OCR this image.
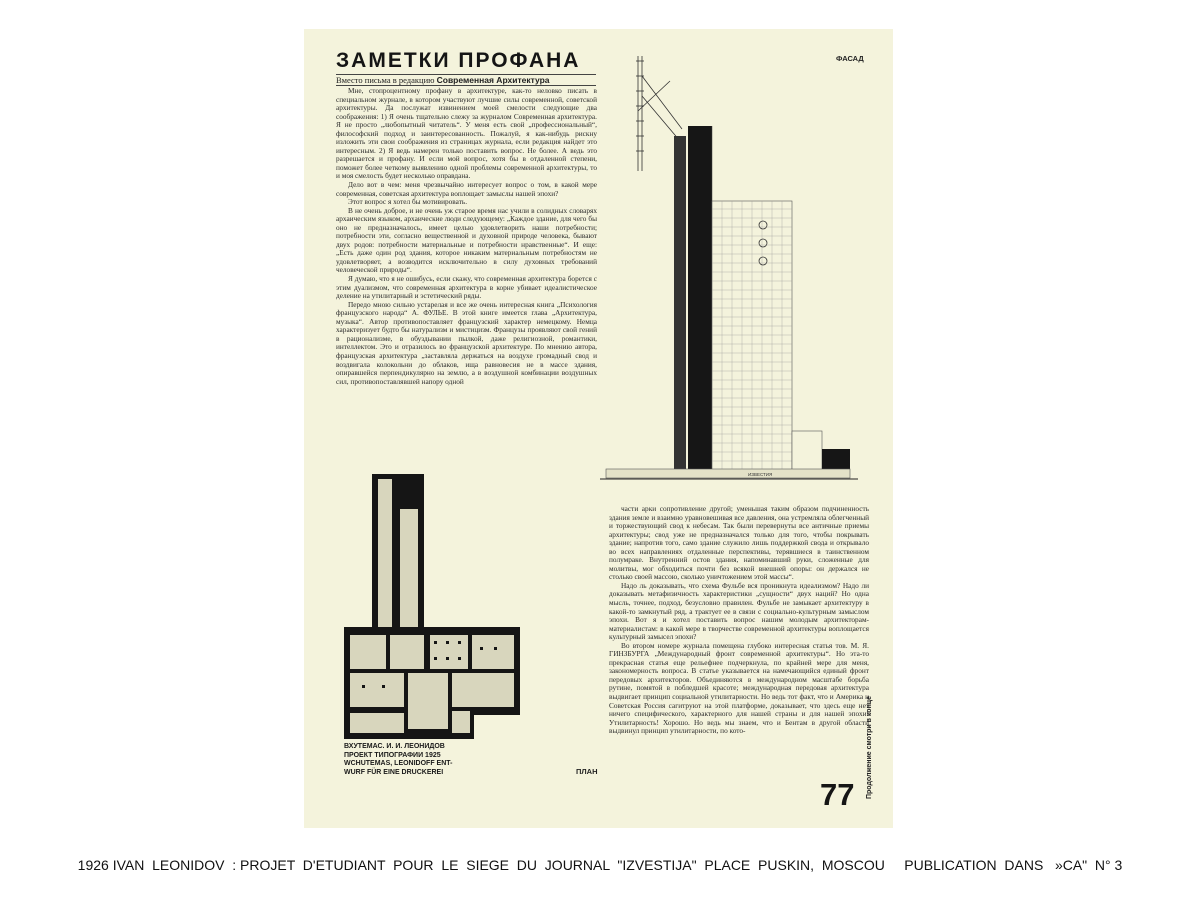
ЗАМЕТКИ ПРОФАНА
Вместо письма в редакцию Современная Архитектура

Мне, стопроцентному профану в архитектуре, как-то неловко писать в специальном журнале, в котором участвуют лучшие силы современной, советской архитектуры. Да послужат извинением моей смелости следующие два соображения: 1) Я очень тщательно слежу за журналом Современная архитектура. Я не просто „любопытный читатель“. У меня есть свой „профессиональный“, философский подход и заинтересованность. Пожалуй, я как-нибудь рискну изложить эти свои соображения из страницах журнала, если редакция найдет это интересным. 2) Я ведь намерен только поставить вопрос. Не более. А ведь это разрешается и профану. И если мой вопрос, хотя бы в отдаленной степени, поможет более четкому выявлению одной проблемы современной архитектуры, то и моя смелость будет несколько оправдана.

Дело вот в чем: меня чрезвычайно интересует вопрос о том, в какой мере современная, советская архитектура воплощает замыслы нашей эпохи?

Этот вопрос я хотел бы мотивировать.

В не очень доброе, и не очень уж старое время нас учили в солидных словарях архаическим языком, архаические люди следующему: „Каждое здание, для чего бы оно не предназначалось, имеет целью удовлетворить наши потребности; потребности эти, согласно вещественной и духовной природе человека, бывают двух родов: потребности материальные и потребности нравственные“. И еще: „Есть даже один род здания, которое никаким материальным потребностям не удовлетворяет, а возводится исключительно в силу духовных требований человеческой природы“.

Я думаю, что я не ошибусь, если скажу, что современная архитектура борется с этим дуализмом, что современная архитектура в корне убивает идеалистическое деление на утилитарный и эстетический ряды.

Передо мною сильно устарелая и все же очень интересная книга „Психология французского народа“ А. ФУЛЬЕ. В этой книге имеется глава „Архитектура, музыка“. Автор противопоставляет французский характер немецкому. Немца характеризует будто бы натурализм и мистицизм. Французы проявляют свой гений в рационализме, в обуздывании пылкой, даже религиозной, романтики, интеллектом. Это и отразилось во французской архитектуре. По мнению автора, французская архитектура „заставляла держаться на воздухе громадный свод и воздвигала колокольни до облаков, ища равновесия не в массе здания, опиравшейся перпендикулярно на землю, а в воздушной комбинации воздушных сил, противопоставлявшей напору одной

ФАСАД
ИЗВЕСТИЯ
ВХУТЕМАС. И. И. ЛЕОНИДОВ
ПРОЕКТ ТИПОГРАФИИ 1925
WCHUTEMAS, LEONIDOFF ENT-
WURF FÜR EINE DRUCKEREI	ПЛАН

части арки сопротивление другой; уменьшая таким образом подчиненность здания земле и взаимно уравновешивая все давления, она устремляла облегченный и торжествующий свод к небесам. Так были перевернуты все античные приемы архитектуры; свод уже не предназначался только для того, чтобы покрывать здание; напротив того, само здание служило лишь поддержкой свода и открывало во всех направлениях отдаленные перспективы, терявшиеся в таинственном полумраке. Внутренний остов здания, напоминавший руки, сложенные для молитвы, мог обходиться почти без всякой внешней опоры: он держался не столько своей массою, сколько уничтожением этой массы“.

Надо ль доказывать, что схема Фульбе вся проникнута идеализмом? Надо ли доказывать метафизичность характеристики „сущности“ двух наций? Но одна мысль, точнее, подход, безусловно правилен. Фульбе не замыкает архитектуру в какой-то замкнутый ряд, а трактует ее в связи с социально-культурным замыслом эпохи. Вот я и хотел поставить вопрос нашим молодым архитекторам-материалистам: в какой мере в творчестве современной архитектуры воплощается культурный замысел эпохи?

Во втором номере журнала помещена глубоко интересная статья тов. М. Я. ГИНЗБУРГА „Международный фронт современной архитектуры“. Но эта-то прекрасная статья еще рельефнее подчеркнула, по крайней мере для меня, закономерность вопроса. В статье указывается на намечающийся единый фронт передовых архитекторов. Объединяются в международном масштабе борьба рутине, помятой в побледшей красоте; международная передовая архитектура выдвигает принцип социальной утилитарности. Но ведь тот факт, что и Америка и Советская Россия сагитруют на этой платформе, доказывает, что здесь еще нет ничего специфического, характерного для нашей страны и для нашей эпохи! Утилитарность! Хорошо. Но ведь мы знаем, что и Бентам в другой области выдвинул принцип утилитарности, по кото-	Продолжение смотри в конце
77
1926 IVAN  LEONIDOV  : PROJET  D'ETUDIANT  POUR  LE  SIEGE  DU  JOURNAL  "IZVESTIJA"  PLACE  PUSKIN,  MOSCOU     PUBLICATION  DANS   »CA"  N° 3
